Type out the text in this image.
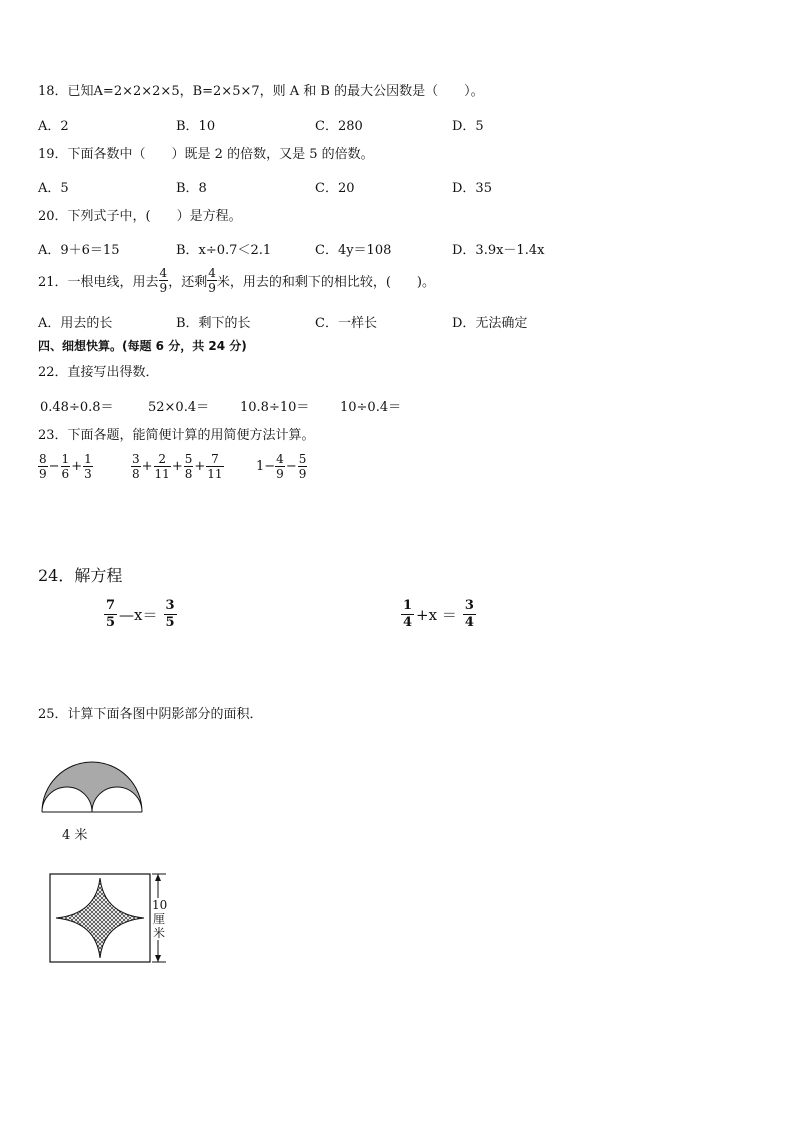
18．已知A=2×2×2×5，B=2×5×7，则 A 和 B 的最大公因数是（　　）。
A．2	B．10	C．280	D．5
19．下面各数中（　　）既是 2 的倍数，又是 5 的倍数。
A．5	B．8	C．20	D．35
20．下列式子中，(　　）是方程。
A．9＋6＝15	B．x÷0.7＜2.1	C．4y＝108	D．3.9x－1.4x
21．一根电线，用去 $\frac{4}{9}$ ，还剩 $\frac{4}{9}$ 米，用去的和剩下的相比较，(　　)。
A．用去的长	B．剩下的长	C．一样长	D．无法确定
四、细想快算。(每题 6 分，共 24 分)
22．直接写出得数．
0.48÷0.8＝	52×0.4＝ 10.8÷10＝ 10÷0.4＝
23．下面各题，能简便计算的用简便方法计算。
$\frac{8}{9} - \frac{1}{6} + \frac{1}{3}$	$\frac{3}{8} + \frac{2}{11} + \frac{5}{8} + \frac{7}{11} 1- \frac{4}{9} - \frac{5}{9}$
24．解方程
$\frac{7}{5}$ —x＝ $\frac{3}{5}$	$\frac{1}{4} +x = \frac{3}{4}$
25．计算下面各图中阴影部分的面积．
4 米
10
厘
米
